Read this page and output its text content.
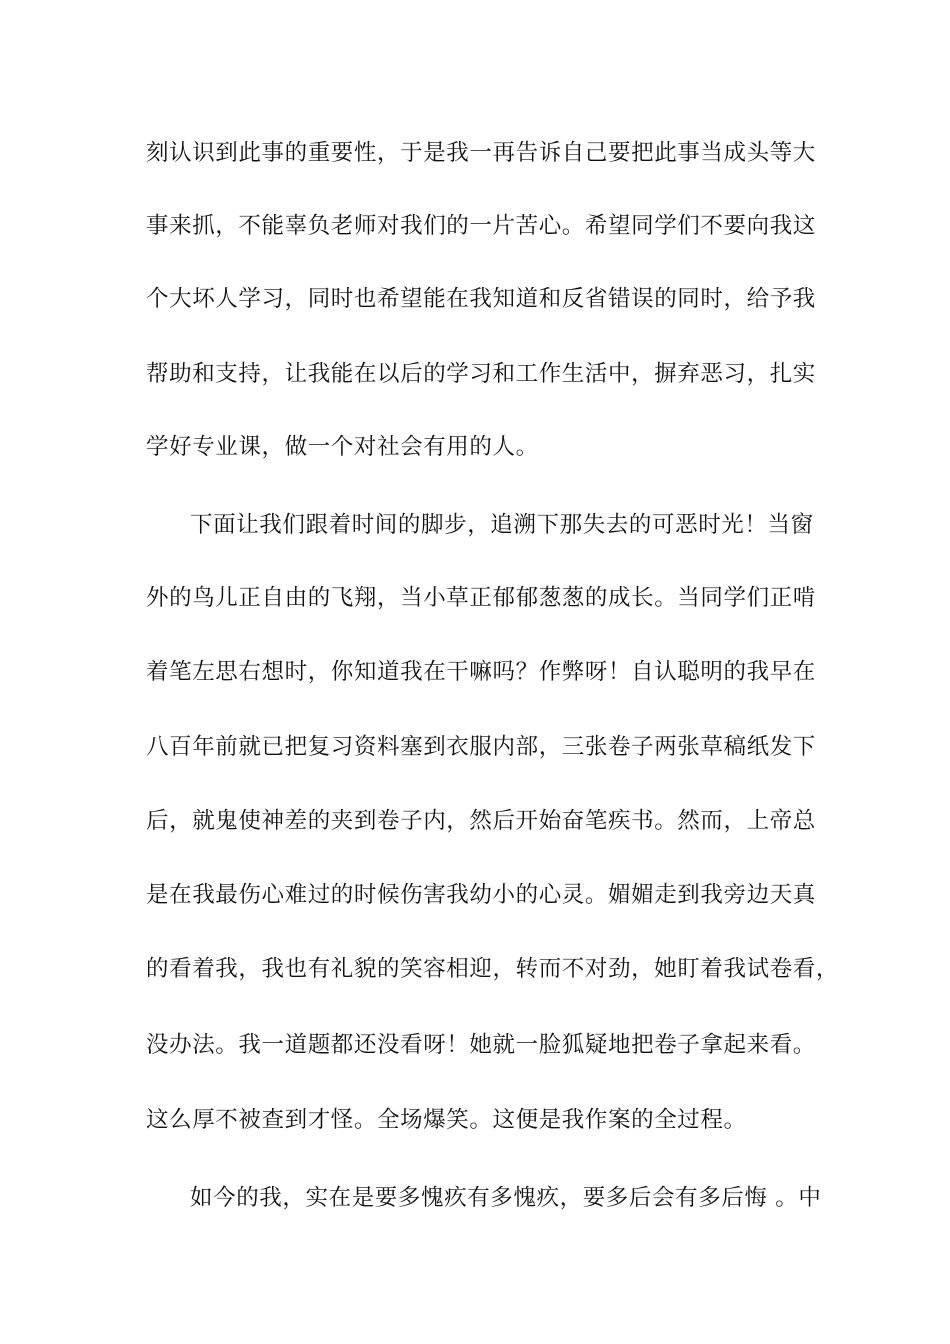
刻认识到此事的重要性，于是我一再告诉自己要把此事当成头等大
事来抓，不能辜负老师对我们的一片苦心。希望同学们不要向我这
个大坏人学习，同时也希望能在我知道和反省错误的同时，给予我
帮助和支持，让我能在以后的学习和工作生活中，摒弃恶习，扎实
学好专业课，做一个对社会有用的人。
下面让我们跟着时间的脚步，追溯下那失去的可恶时光！当窗
外的鸟儿正自由的飞翔，当小草正郁郁葱葱的成长。当同学们正啃
着笔左思右想时，你知道我在干嘛吗？作弊呀！自认聪明的我早在
八百年前就已把复习资料塞到衣服内部，三张卷子两张草稿纸发下
后，就鬼使神差的夹到卷子内，然后开始奋笔疾书。然而，上帝总
是在我最伤心难过的时候伤害我幼小的心灵。媚媚走到我旁边天真
的看着我，我也有礼貌的笑容相迎，转而不对劲，她盯着我试卷看，
没办法。我一道题都还没看呀！她就一脸狐疑地把卷子拿起来看。
这么厚不被查到才怪。全场爆笑。这便是我作案的全过程。
如今的我，实在是要多愧疚有多愧疚，要多后会有多后悔 。中
